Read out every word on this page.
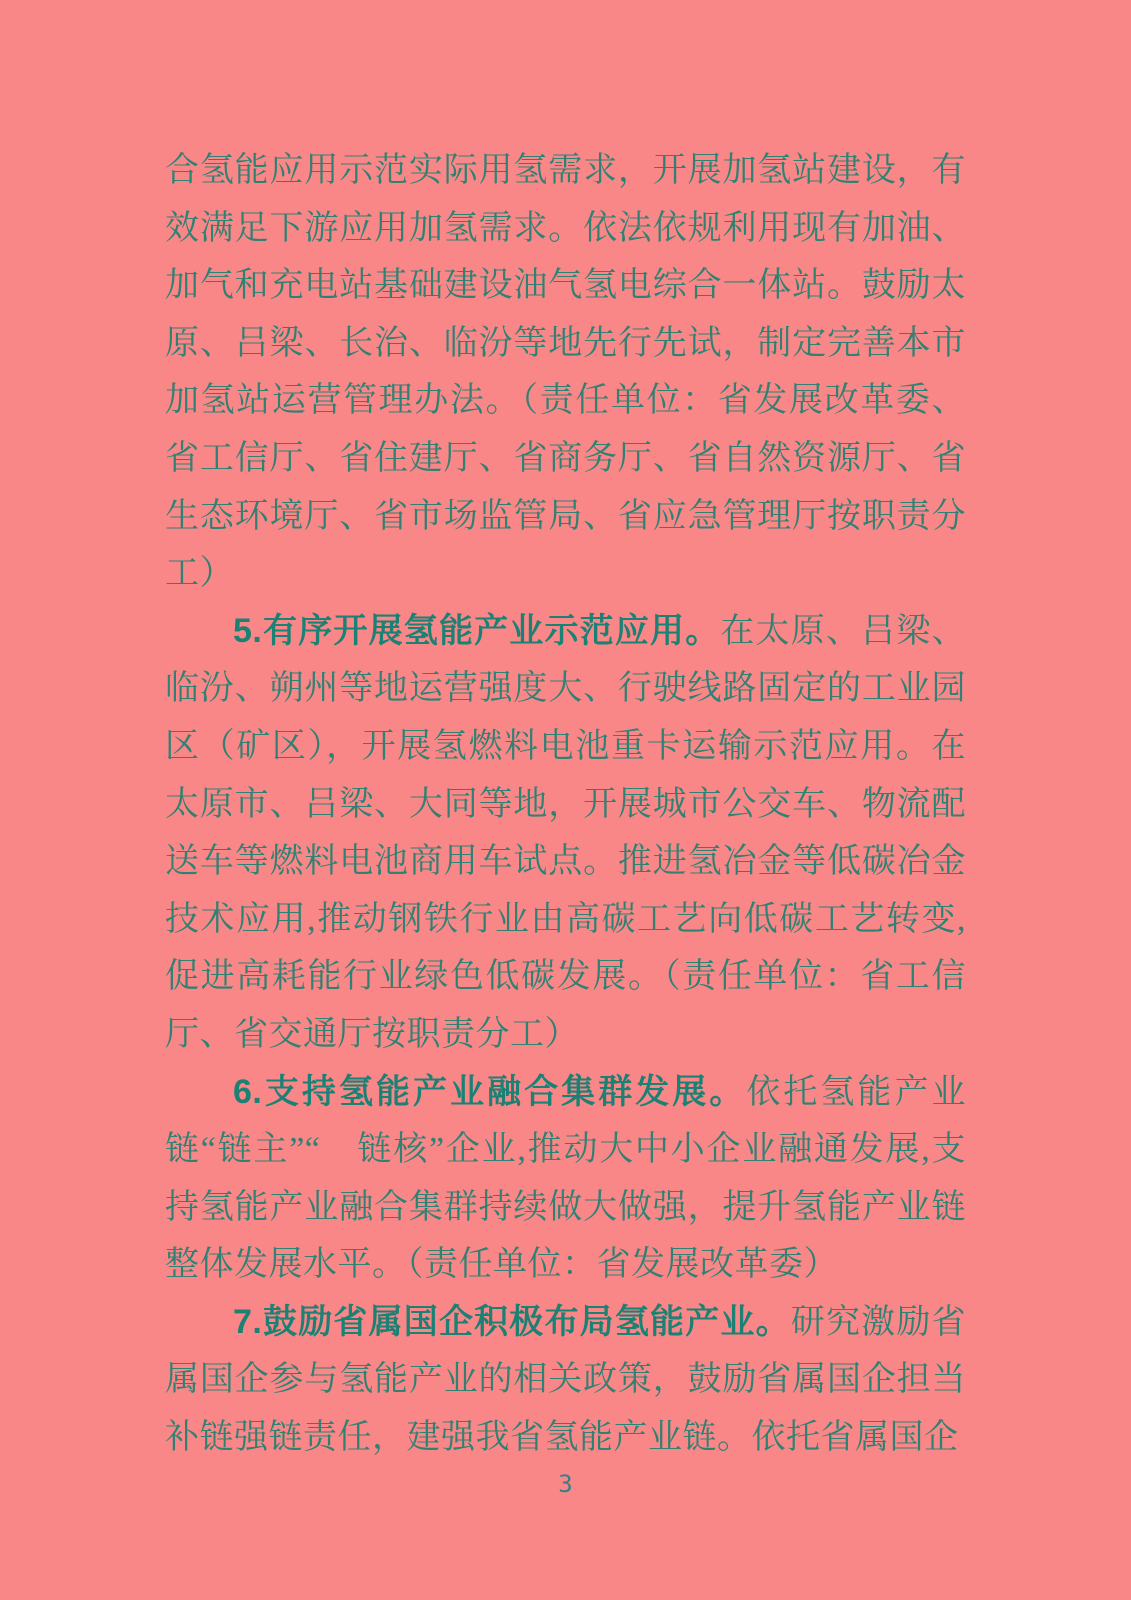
合氢能应用示范实际用氢需求，开展加氢站建设，有效满足下游应用加氢需求。依法依规利用现有加油、加气和充电站基础建设油气氢电综合一体站。鼓励太原、吕梁、长治、临汾等地先行先试，制定完善本市加氢站运营管理办法。（责任单位：省发展改革委、省工信厅、省住建厅、省商务厅、省自然资源厅、省生态环境厅、省市场监管局、省应急管理厅按职责分工）

5.有序开展氢能产业示范应用。在太原、吕梁、临汾、朔州等地运营强度大、行驶线路固定的工业园区（矿区），开展氢燃料电池重卡运输示范应用。在太原市、吕梁、大同等地，开展城市公交车、物流配送车等燃料电池商用车试点。推进氢冶金等低碳冶金技术应用,推动钢铁行业由高碳工艺向低碳工艺转变,促进高耗能行业绿色低碳发展。（责任单位：省工信厅、省交通厅按职责分工）

6.支持氢能产业融合集群发展。依托氢能产业链“链主”“　链核”企业,推动大中小企业融通发展,支持氢能产业融合集群持续做大做强，提升氢能产业链整体发展水平。（责任单位：省发展改革委）

7.鼓励省属国企积极布局氢能产业。研究激励省属国企参与氢能产业的相关政策，鼓励省属国企担当补链强链责任，建强我省氢能产业链。依托省属国企

3
